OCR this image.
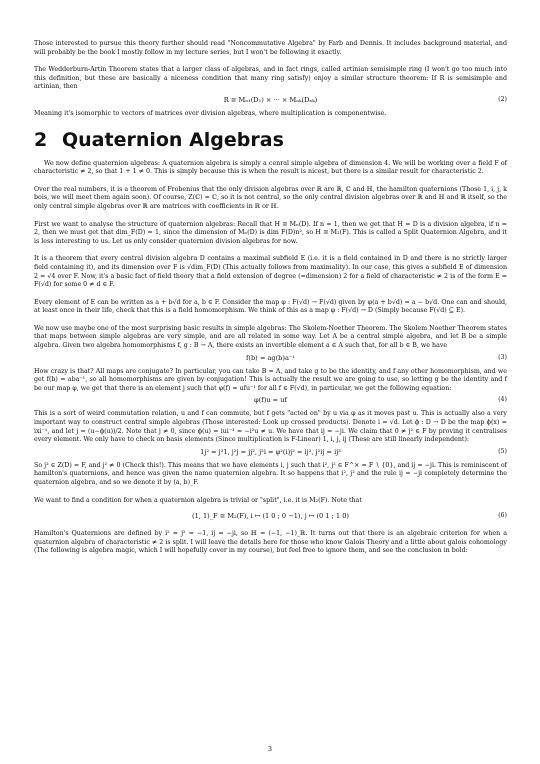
Those interested to pursue this theory further should read "Noncommutative Algebra" by Farb and Dennis. It includes background material, and will probably be the book I mostly follow in my lecture series, but I won't be following it exactly.

The Wedderburn-Artin Theorem states that a larger class of algebras, and in fact rings, called artinian semisimple ring (I won't go too much into this definition, but these are basically a niceness condition that many ring satisfy) enjoy a similar structure theorem: If R is semisimple and artinian, then

R ≅ Mₙ₁(D₁) × ··· × Mₙₖ(Dₙₖ)	(2)

Meaning it's isomorphic to vectors of matrices over division algebras, where multiplication is componentwise.

2 Quaternion Algebras

We now define quaternion algebras: A quaternion algebra is simply a cenral simple algebra of dimension 4. We will be working over a field F of characteristic ≠ 2, so that 1 + 1 ≠ 0. This is simply because this is when the result is nicest, but there is a similar result for characteristic 2.

Over the real numbers, it is a theorem of Frobenius that the only division algebras over ℝ are ℝ, ℂ and ℍ, the hamilton quaternions (Those 1, i, j, k bois, we will meet them again soon). Of course, Z(ℂ) = ℂ, so it is not central, so the only central division algebras over ℝ and ℍ and ℝ itself, so the only central simple algebras over ℝ are matrices with coefficients in ℝ or ℍ.

First we want to analyse the structure of quaternion algebras: Recall that H ≅ Mₙ(D). If n = 1, then we get that H = D is a division algebra, if n = 2, then we must get that dim_F(D) = 1, since the dimension of Mₙ(D) is dim F(D)n², so H ≅ M₂(F). This is called a Split Quaternion Algebra, and it is less interesting to us. Let us only consider quaternion division algebras for now.

It is a theorem that every central division algebra D contains a maximal subfield E (i.e. it is a field contained in D and there is no strictly larger field containing it), and its dimension over F is √dim_F(D) (This actually follows from maximality). In our case, this gives a subfield E of dimension 2 = √4 over F. Now, it's a basic fact of field theory that a field extension of degree (=dimension) 2 for a field of characteristic ≠ 2 is of the form E = F(√d) for some 0 ≠ d ∈ F.

Every element of E can be written as a + b√d for a, b ∈ F. Consider the map φ : F(√d) → F(√d) given by φ(a + b√d) = a − b√d. One can and should, at least once in their life, check that this is a field homomorphism. We think of this as a map φ : F(√d) → D (Simply because F(√d) ⊆ E).

We now use maybe one of the most surprising basic results in simple algebras: The Skolem-Noether Theorem. The Skolem Noether Theorem states that maps between simple algebras are very simple, and are all related in some way. Let A be a central simple algebra, and let B be a simple algebra. Given two algebra homomorphisms f, g : B → A, there exists an invertible element a ∈ A such that, for all b ∈ B, we have

f(b) = ag(b)a⁻¹	(3)

How crazy is that? All maps are conjugate? In particular, you can take B = A, and take g to be the identity, and f any other homomorphism, and we get f(b) = aba⁻¹, so all homomorphisms are given by conjugation! This is actually the result we are going to use, so letting g be the identity and f be our map φ, we get that there is an element j such that φ(f) = ufu⁻¹ for all f ∈ F(√d), in particular, we get the following equation:

φ(f)u = uf	(4)

This is a sort of weird commutation relation, u and f can commute, but f gets "acted on" by u via φ as it moves past u. This is actually also a very important way to construct central simple algebras (Those interested: Look up crossed products). Denote i = √d. Let ϕ : D → D be the map ϕ(x) = ixi⁻¹, and let j = (u−ϕ(u))/2. Note that j ≠ 0, since ϕ(u) = iui⁻¹ = −i²u ≠ u. We have that ij = −ji. We claim that 0 ≠ j² ∈ F by proving it centralises every element. We only have to check on basis elements (Since multiplication is F-Linear) 1, i, j, ij (These are still linearly independent):

1j² = j²1, j²j = jj², j²i = φ²(i)j² = ij², j²ij = ij³	(5)

So j² ∈ Z(D) = F, and j² ≠ 0 (Check this!). This means that we have elements i, j such that i², j² ∈ F^× = F ∖ {0}, and ij = −ji. This is reminiscent of hamilton's quaternions, and hence was given the name quaternion algebra. It so happens that i², j² and the rule ij = −ji completely determine the quaternion algebra, and so we denote it by (a, b)_F.

We want to find a condition for when a quaternion algebra is trivial or "split", i.e. it is M₂(F). Note that

(1, 1)_F ≅ M₂(F), i ↦ (1 0 ; 0 −1), j ↦ (0 1 ; 1 0)	(6)

Hamilton's Quaternions are defined by i² = j² = −1, ij = −ji, so ℍ = (−1, −1)_ℝ. It turns out that there is an algebraic criterion for when a quaternion algebra of characteristic ≠ 2 is split. I will leave the details here for those who know Galois Theory and a little about galois cohomology (The following is algebra magic, which I will hopefully cover in my course), but feel free to ignore them, and see the conclusion in bold:

3
